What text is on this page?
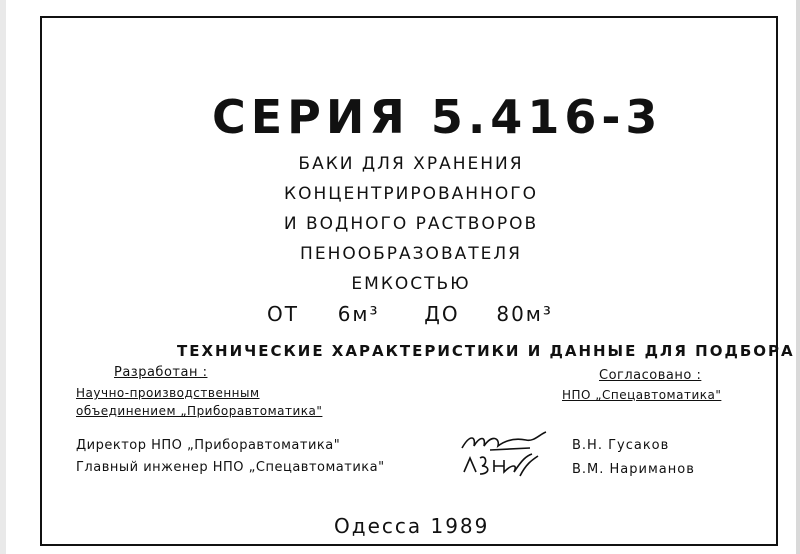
СЕРИЯ 5.416-3
БАКИ ДЛЯ ХРАНЕНИЯ
КОНЦЕНТРИРОВАННОГО
И ВОДНОГО РАСТВОРОВ
ПЕНООБРАЗОВАТЕЛЯ
ЕМКОСТЬЮ
ОТ 6м³ ДО 80м³
ТЕХНИЧЕСКИЕ ХАРАКТЕРИСТИКИ И ДАННЫЕ ДЛЯ ПОДБОРА
Разработан :
Научно-производственным
объединением „Приборавтоматика"
Согласовано :
НПО „Спецавтоматика"
Директор НПО „Приборавтоматика"
Главный инженер НПО „Спецавтоматика"
В.Н. Гусаков
В.М. Нариманов
Одесса 1989
